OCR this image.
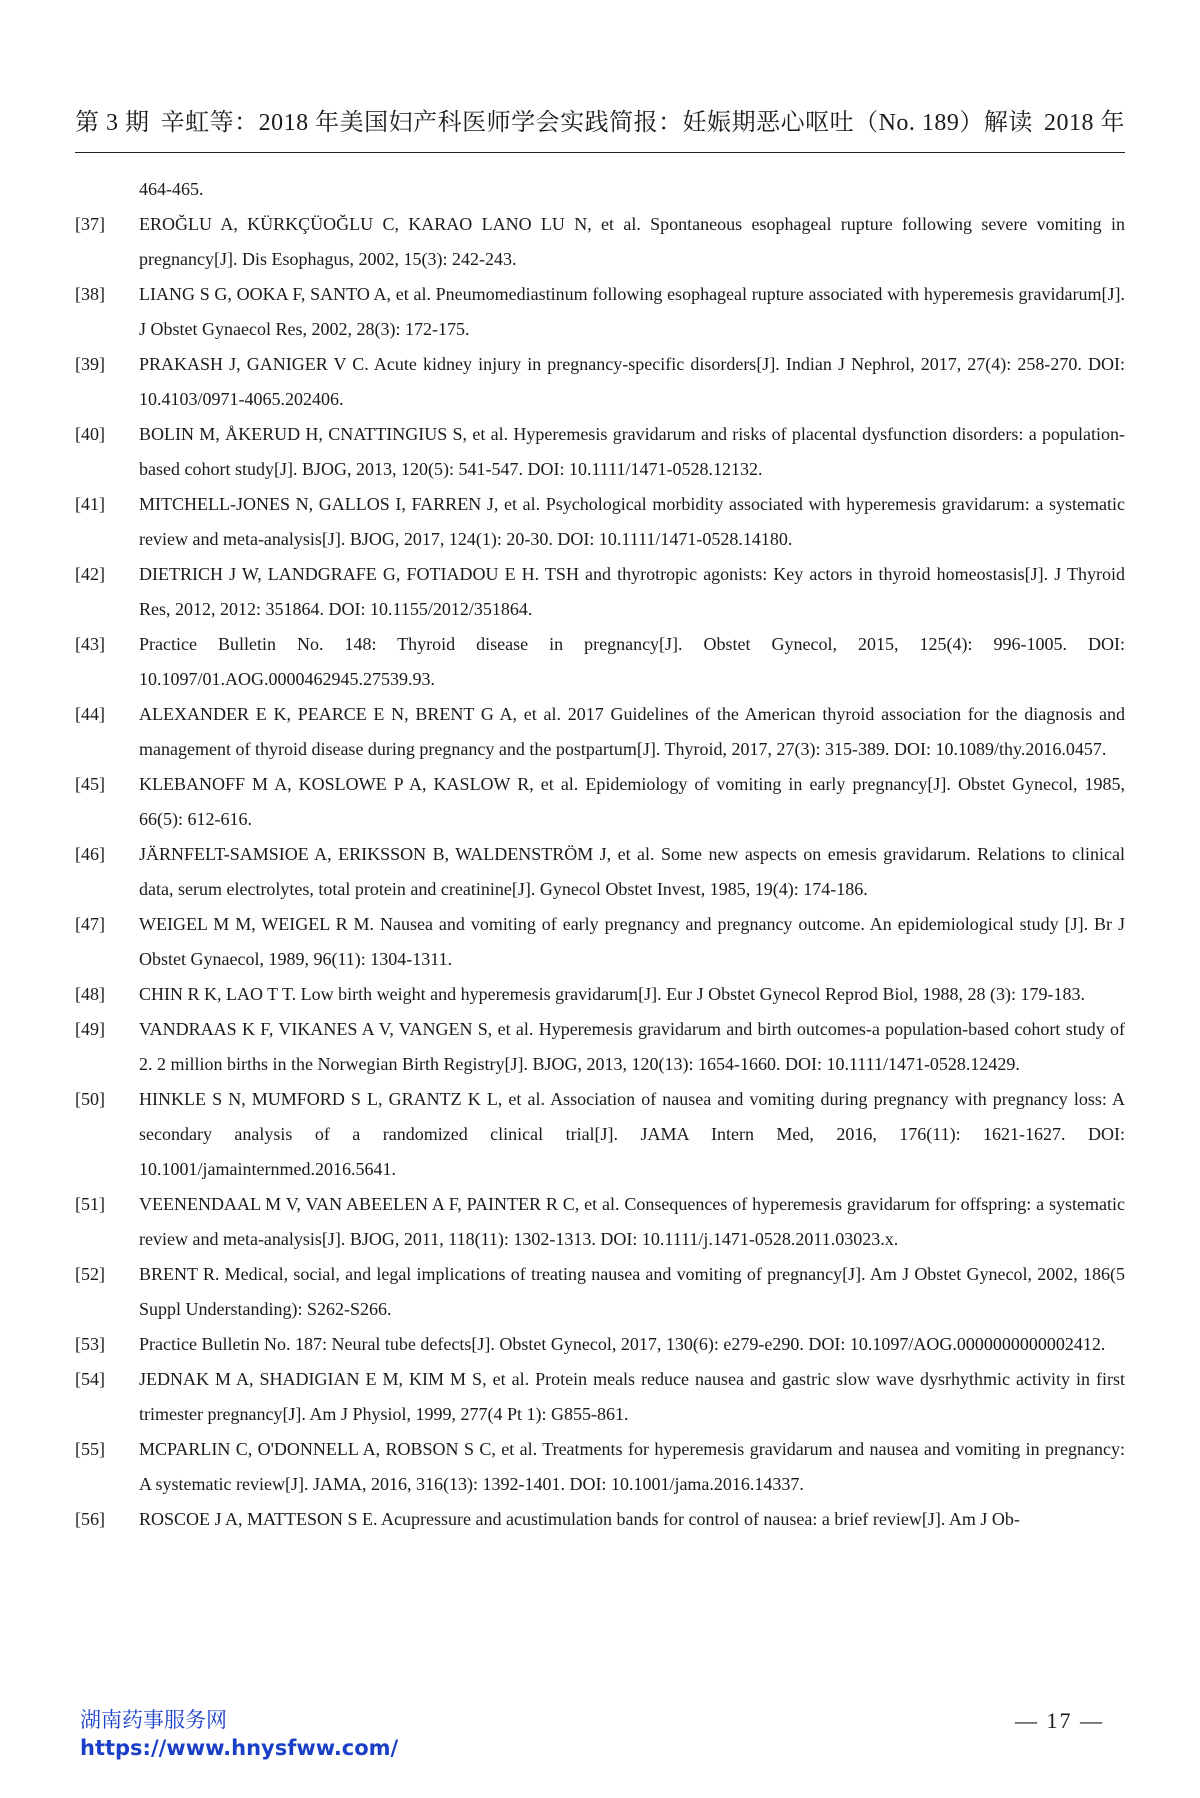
第 3 期 辛虹等：2018 年美国妇产科医师学会实践简报：妊娠期恶心呕吐（No. 189）解读 2018 年
464-465.
[37]	EROĞLU A, KÜRKÇÜOĞLU C, KARAO LANO LU N, et al. Spontaneous esophageal rupture following severe vomiting in pregnancy[J]. Dis Esophagus, 2002, 15(3): 242-243.
[38]	LIANG S G, OOKA F, SANTO A, et al. Pneumomediastinum following esophageal rupture associated with hyperemesis gravidarum[J]. J Obstet Gynaecol Res, 2002, 28(3): 172-175.
[39]	PRAKASH J, GANIGER V C. Acute kidney injury in pregnancy-specific disorders[J]. Indian J Nephrol, 2017, 27(4): 258-270. DOI: 10.4103/0971-4065.202406.
[40]	BOLIN M, ÅKERUD H, CNATTINGIUS S, et al. Hyperemesis gravidarum and risks of placental dysfunction disorders: a population-based cohort study[J]. BJOG, 2013, 120(5): 541-547. DOI: 10.1111/1471-0528.12132.
[41]	MITCHELL-JONES N, GALLOS I, FARREN J, et al. Psychological morbidity associated with hyperemesis gravidarum: a systematic review and meta-analysis[J]. BJOG, 2017, 124(1): 20-30. DOI: 10.1111/1471-0528.14180.
[42]	DIETRICH J W, LANDGRAFE G, FOTIADOU E H. TSH and thyrotropic agonists: Key actors in thyroid homeostasis[J]. J Thyroid Res, 2012, 2012: 351864. DOI: 10.1155/2012/351864.
[43]	Practice Bulletin No. 148: Thyroid disease in pregnancy[J]. Obstet Gynecol, 2015, 125(4): 996-1005. DOI: 10.1097/01.AOG.0000462945.27539.93.
[44]	ALEXANDER E K, PEARCE E N, BRENT G A, et al. 2017 Guidelines of the American thyroid association for the diagnosis and management of thyroid disease during pregnancy and the postpartum[J]. Thyroid, 2017, 27(3): 315-389. DOI: 10.1089/thy.2016.0457.
[45]	KLEBANOFF M A, KOSLOWE P A, KASLOW R, et al. Epidemiology of vomiting in early pregnancy[J]. Obstet Gynecol, 1985, 66(5): 612-616.
[46]	JÄRNFELT-SAMSIOE A, ERIKSSON B, WALDENSTRÖM J, et al. Some new aspects on emesis gravidarum. Relations to clinical data, serum electrolytes, total protein and creatinine[J]. Gynecol Obstet Invest, 1985, 19(4): 174-186.
[47]	WEIGEL M M, WEIGEL R M. Nausea and vomiting of early pregnancy and pregnancy outcome. An epidemiological study [J]. Br J Obstet Gynaecol, 1989, 96(11): 1304-1311.
[48]	CHIN R K, LAO T T. Low birth weight and hyperemesis gravidarum[J]. Eur J Obstet Gynecol Reprod Biol, 1988, 28 (3): 179-183.
[49]	VANDRAAS K F, VIKANES A V, VANGEN S, et al. Hyperemesis gravidarum and birth outcomes-a population-based cohort study of 2. 2 million births in the Norwegian Birth Registry[J]. BJOG, 2013, 120(13): 1654-1660. DOI: 10.1111/1471-0528.12429.
[50]	HINKLE S N, MUMFORD S L, GRANTZ K L, et al. Association of nausea and vomiting during pregnancy with pregnancy loss: A secondary analysis of a randomized clinical trial[J]. JAMA Intern Med, 2016, 176(11): 1621-1627. DOI: 10.1001/jamainternmed.2016.5641.
[51]	VEENENDAAL M V, VAN ABEELEN A F, PAINTER R C, et al. Consequences of hyperemesis gravidarum for offspring: a systematic review and meta-analysis[J]. BJOG, 2011, 118(11): 1302-1313. DOI: 10.1111/j.1471-0528.2011.03023.x.
[52]	BRENT R. Medical, social, and legal implications of treating nausea and vomiting of pregnancy[J]. Am J Obstet Gynecol, 2002, 186(5 Suppl Understanding): S262-S266.
[53]	Practice Bulletin No. 187: Neural tube defects[J]. Obstet Gynecol, 2017, 130(6): e279-e290. DOI: 10.1097/AOG.0000000000002412.
[54]	JEDNAK M A, SHADIGIAN E M, KIM M S, et al. Protein meals reduce nausea and gastric slow wave dysrhythmic activity in first trimester pregnancy[J]. Am J Physiol, 1999, 277(4 Pt 1): G855-861.
[55]	MCPARLIN C, O'DONNELL A, ROBSON S C, et al. Treatments for hyperemesis gravidarum and nausea and vomiting in pregnancy: A systematic review[J]. JAMA, 2016, 316(13): 1392-1401. DOI: 10.1001/jama.2016.14337.
[56]	ROSCOE J A, MATTESON S E. Acupressure and acustimulation bands for control of nausea: a brief review[J]. Am J Ob-
— 17 —
湖南药事服务网
https://www.hnysfww.com/
